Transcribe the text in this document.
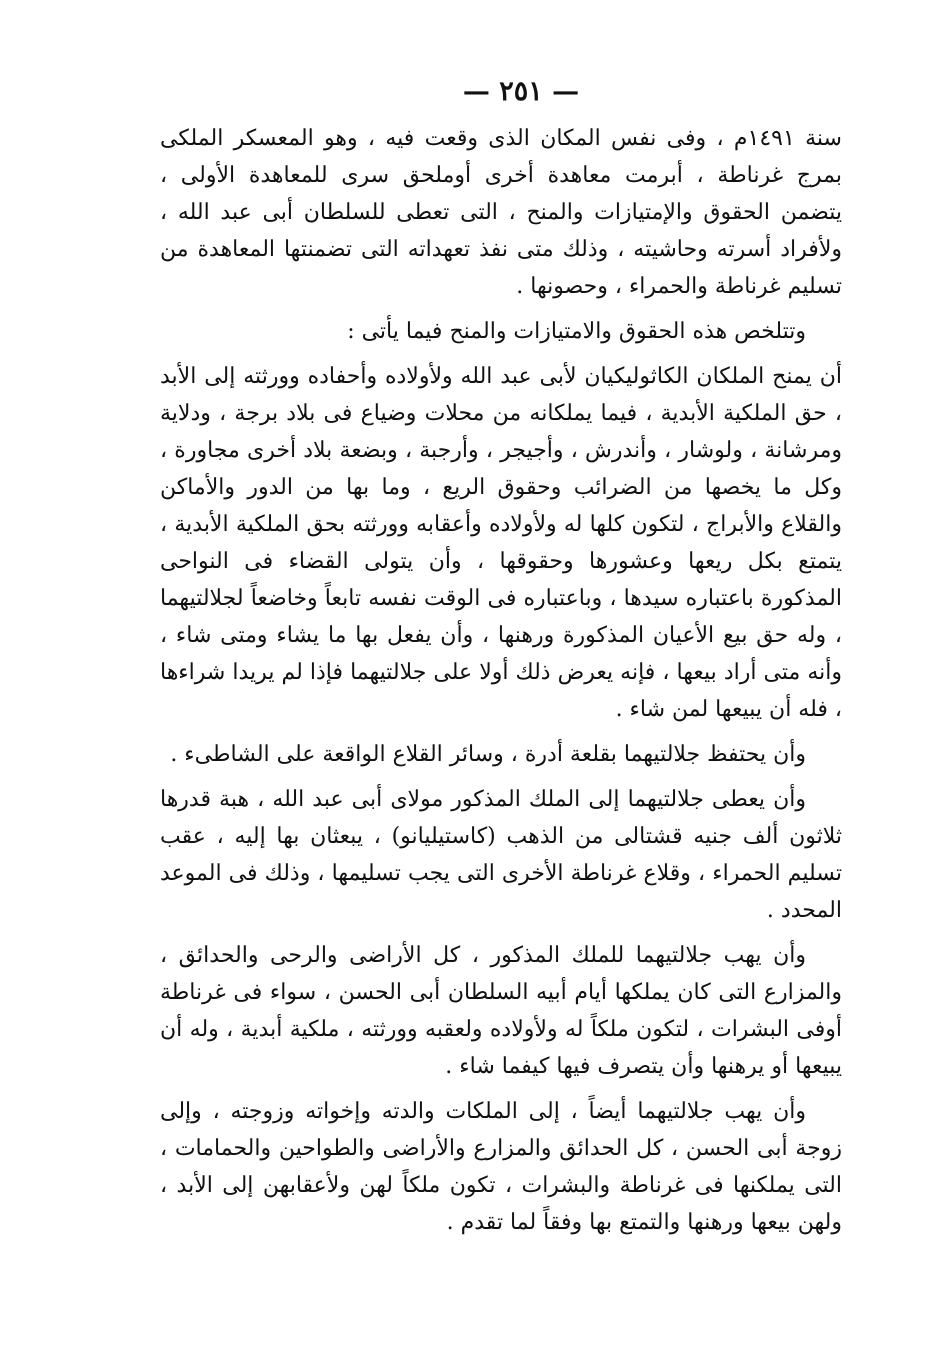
— ٢٥١ —

سنة ١٤٩١م ، وفى نفس المكان الذى وقعت فيه ، وهو المعسكر الملكى بمرج غرناطة ، أبرمت معاهدة أخرى أوملحق سرى للمعاهدة الأولى ، يتضمن الحقوق والإمتيازات والمنح ، التى تعطى للسلطان أبى عبد الله ، ولأفراد أسرته وحاشيته ، وذلك متى نفذ تعهداته التى تضمنتها المعاهدة من تسليم غرناطة والحمراء ، وحصونها .

وتتلخص هذه الحقوق والامتيازات والمنح فيما يأتى :

أن يمنح الملكان الكاثوليكيان لأبى عبد الله ولأولاده وأحفاده وورثته إلى الأبد ، حق الملكية الأبدية ، فيما يملكانه من محلات وضياع فى بلاد برجة ، ودلاية ومرشانة ، ولوشار ، وأندرش ، وأجيجر ، وأرجبة ، وبضعة بلاد أخرى مجاورة ، وكل ما يخصها من الضرائب وحقوق الريع ، وما بها من الدور والأماكن والقلاع والأبراج ، لتكون كلها له ولأولاده وأعقابه وورثته بحق الملكية الأبدية ، يتمتع بكل ريعها وعشورها وحقوقها ، وأن يتولى القضاء فى النواحى المذكورة باعتباره سيدها ، وباعتباره فى الوقت نفسه تابعاً وخاضعاً لجلالتيهما ، وله حق بيع الأعيان المذكورة ورهنها ، وأن يفعل بها ما يشاء ومتى شاء ، وأنه متى أراد بيعها ، فإنه يعرض ذلك أولا على جلالتيهما فإذا لم يريدا شراءها ، فله أن يبيعها لمن شاء .

وأن يحتفظ جلالتيهما بقلعة أدرة ، وسائر القلاع الواقعة على الشاطىء .

وأن يعطى جلالتيهما إلى الملك المذكور مولاى أبى عبد الله ، هبة قدرها ثلاثون ألف جنيه قشتالى من الذهب (كاستيليانو) ، يبعثان بها إليه ، عقب تسليم الحمراء ، وقلاع غرناطة الأخرى التى يجب تسليمها ، وذلك فى الموعد المحدد .

وأن يهب جلالتيهما للملك المذكور ، كل الأراضى والرحى والحدائق ، والمزارع التى كان يملكها أيام أبيه السلطان أبى الحسن ، سواء فى غرناطة أوفى البشرات ، لتكون ملكاً له ولأولاده ولعقبه وورثته ، ملكية أبدية ، وله أن يبيعها أو يرهنها وأن يتصرف فيها كيفما شاء .

وأن يهب جلالتيهما أيضاً ، إلى الملكات والدته وإخواته وزوجته ، وإلى زوجة أبى الحسن ، كل الحدائق والمزارع والأراضى والطواحين والحمامات ، التى يملكنها فى غرناطة والبشرات ، تكون ملكاً لهن ولأعقابهن إلى الأبد ، ولهن بيعها ورهنها والتمتع بها وفقاً لما تقدم .
